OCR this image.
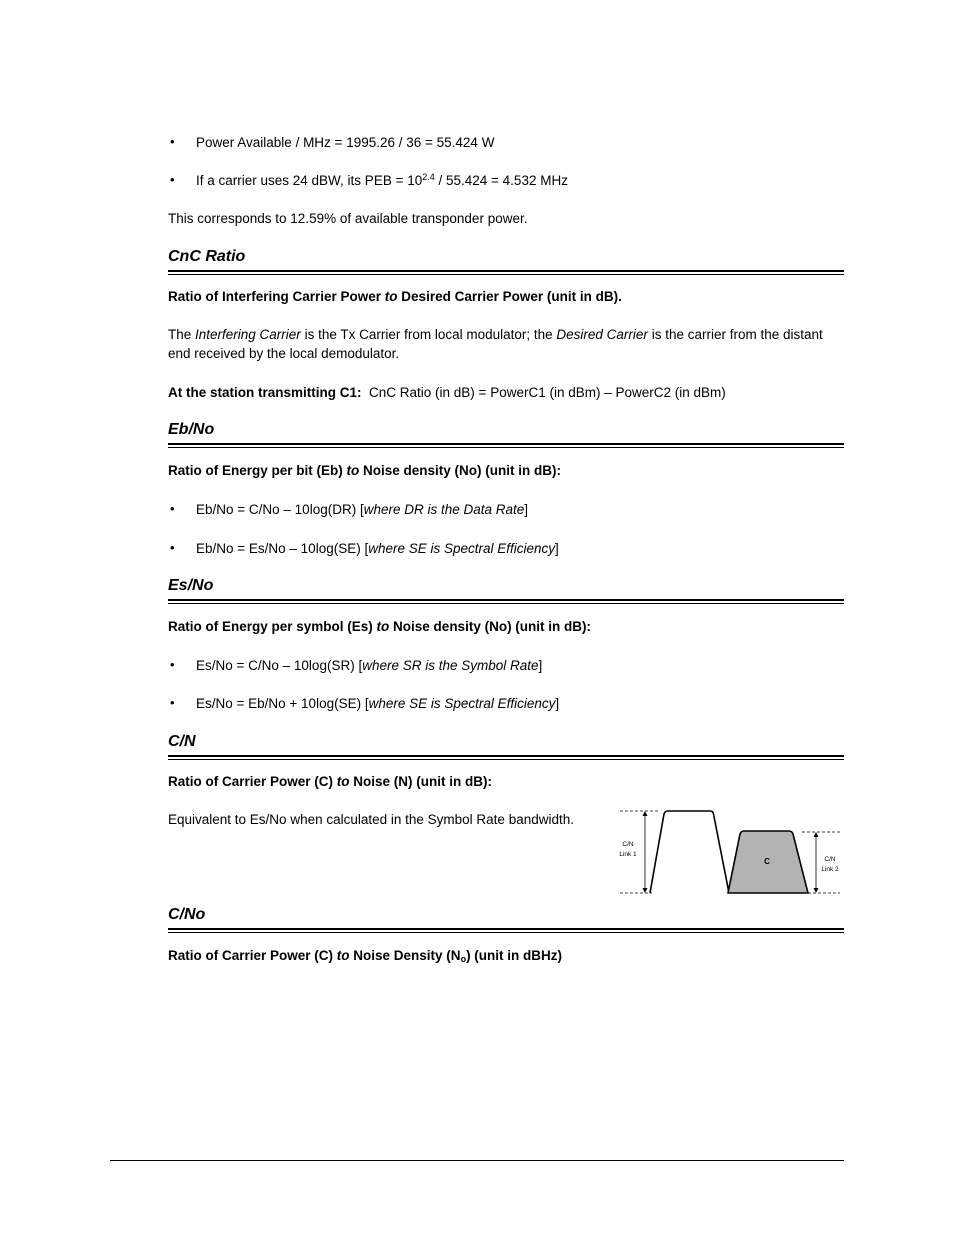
• Power Available / MHz = 1995.26 / 36 = 55.424 W
• If a carrier uses 24 dBW, its PEB = $10^{2.4} / 55.424 = 4.532$ MHz
This corresponds to 12.59% of available transponder power.
CnC Ratio
Ratio of Interfering Carrier Power to Desired Carrier Power (unit in dB).
The Interfering Carrier is the Tx Carrier from local modulator; the Desired Carrier is the carrier from the distant end received by the local demodulator.
At the station transmitting C1:  CnC Ratio (in dB) = PowerC1 (in dBm) – PowerC2 (in dBm)
Eb/No
Ratio of Energy per bit (Eb) to Noise density (No) (unit in dB):
• Eb/No = C/No – 10log(DR) [where DR is the Data Rate]
• Eb/No = Es/No – 10log(SE) [where SE is Spectral Efficiency]
Es/No
Ratio of Energy per symbol (Es) to Noise density (No) (unit in dB):
• Es/No = C/No – 10log(SR) [where SR is the Symbol Rate]
• Es/No = Eb/No + 10log(SE) [where SE is Spectral Efficiency]
C/N
Ratio of Carrier Power (C) to Noise (N) (unit in dB):
Equivalent to Es/No when calculated in the Symbol Rate bandwidth.
C
C/N
Link 1
C/N
Link 2
C/No
Ratio of Carrier Power (C) to Noise Density $(N_o)$ (unit in dBHz)
